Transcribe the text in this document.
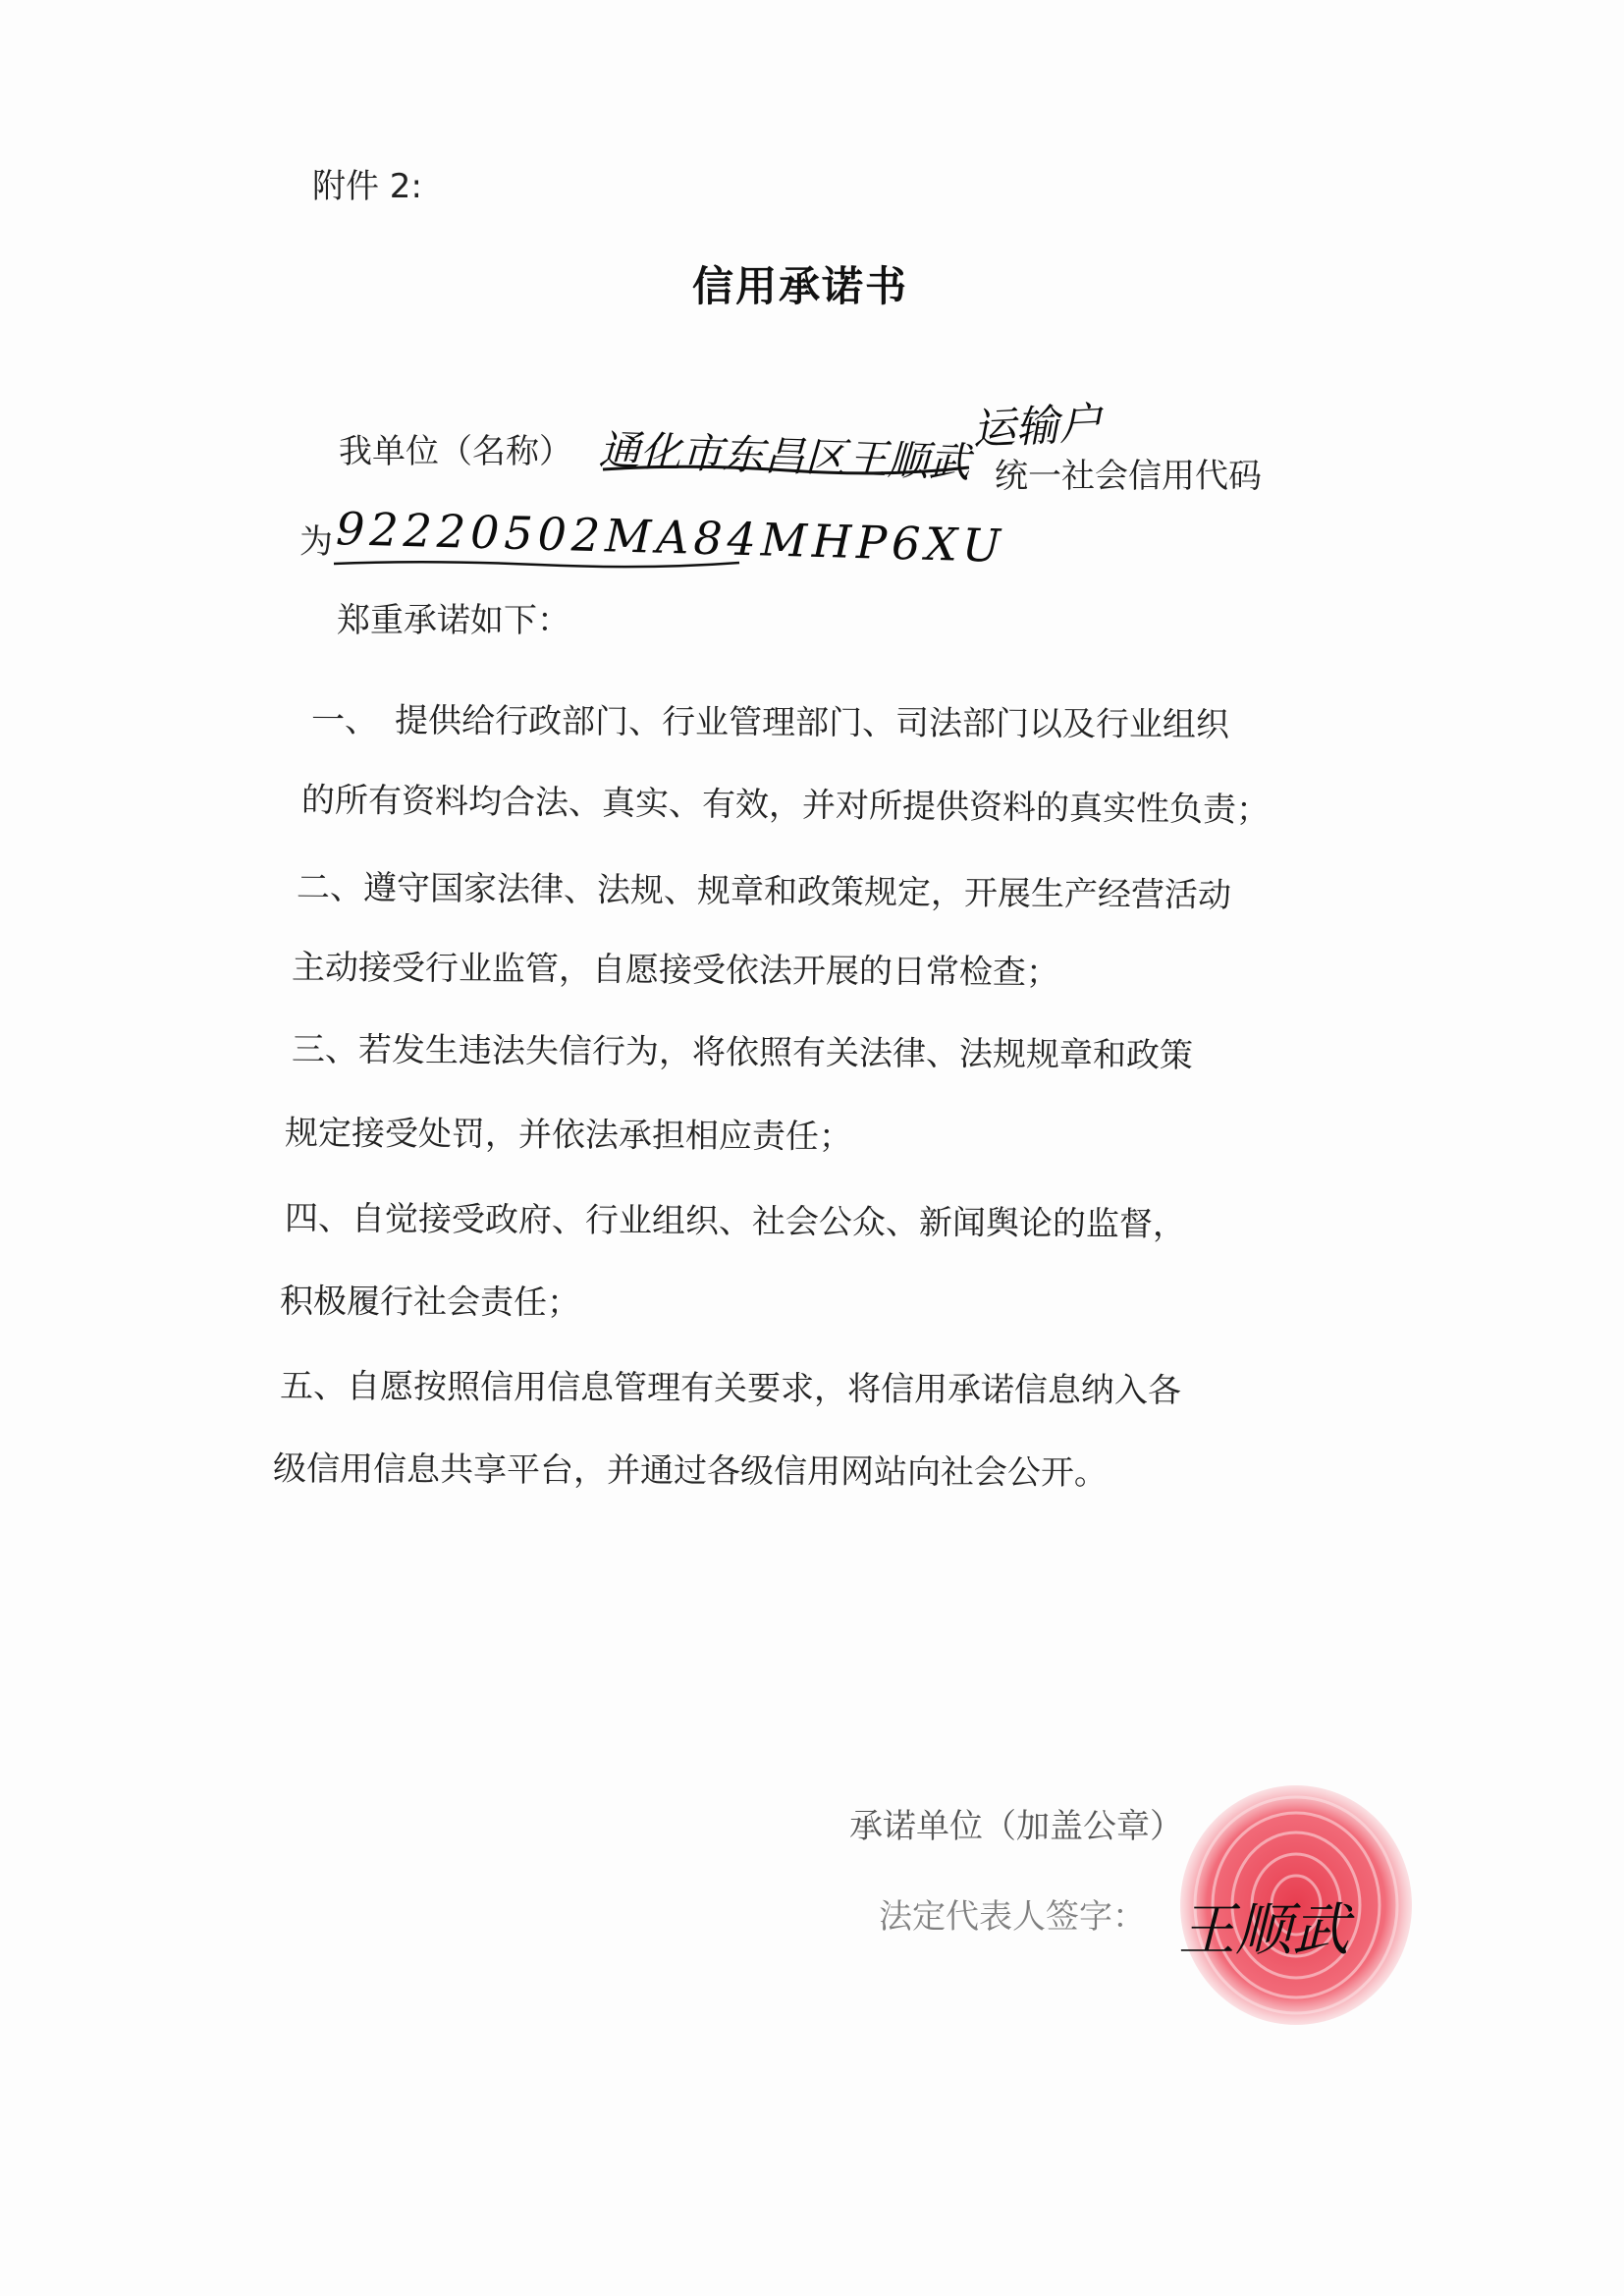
附件 2:
信用承诺书
我单位（名称） 通化市东昌区王顺武 运输户
统一社会信用代码
为 92220502MA84MHP6XU
郑重承诺如下：
一、　提供给行政部门、行业管理部门、司法部门以及行业组织
的所有资料均合法、真实、有效，并对所提供资料的真实性负责；
二、遵守国家法律、法规、规章和政策规定，开展生产经营活动
主动接受行业监管，自愿接受依法开展的日常检查；
三、若发生违法失信行为，将依照有关法律、法规规章和政策
规定接受处罚，并依法承担相应责任；
四、自觉接受政府、行业组织、社会公众、新闻舆论的监督，
积极履行社会责任；
五、自愿按照信用信息管理有关要求，将信用承诺信息纳入各
级信用信息共享平台，并通过各级信用网站向社会公开。
承诺单位（加盖公章）
法定代表人签字： 王顺武
